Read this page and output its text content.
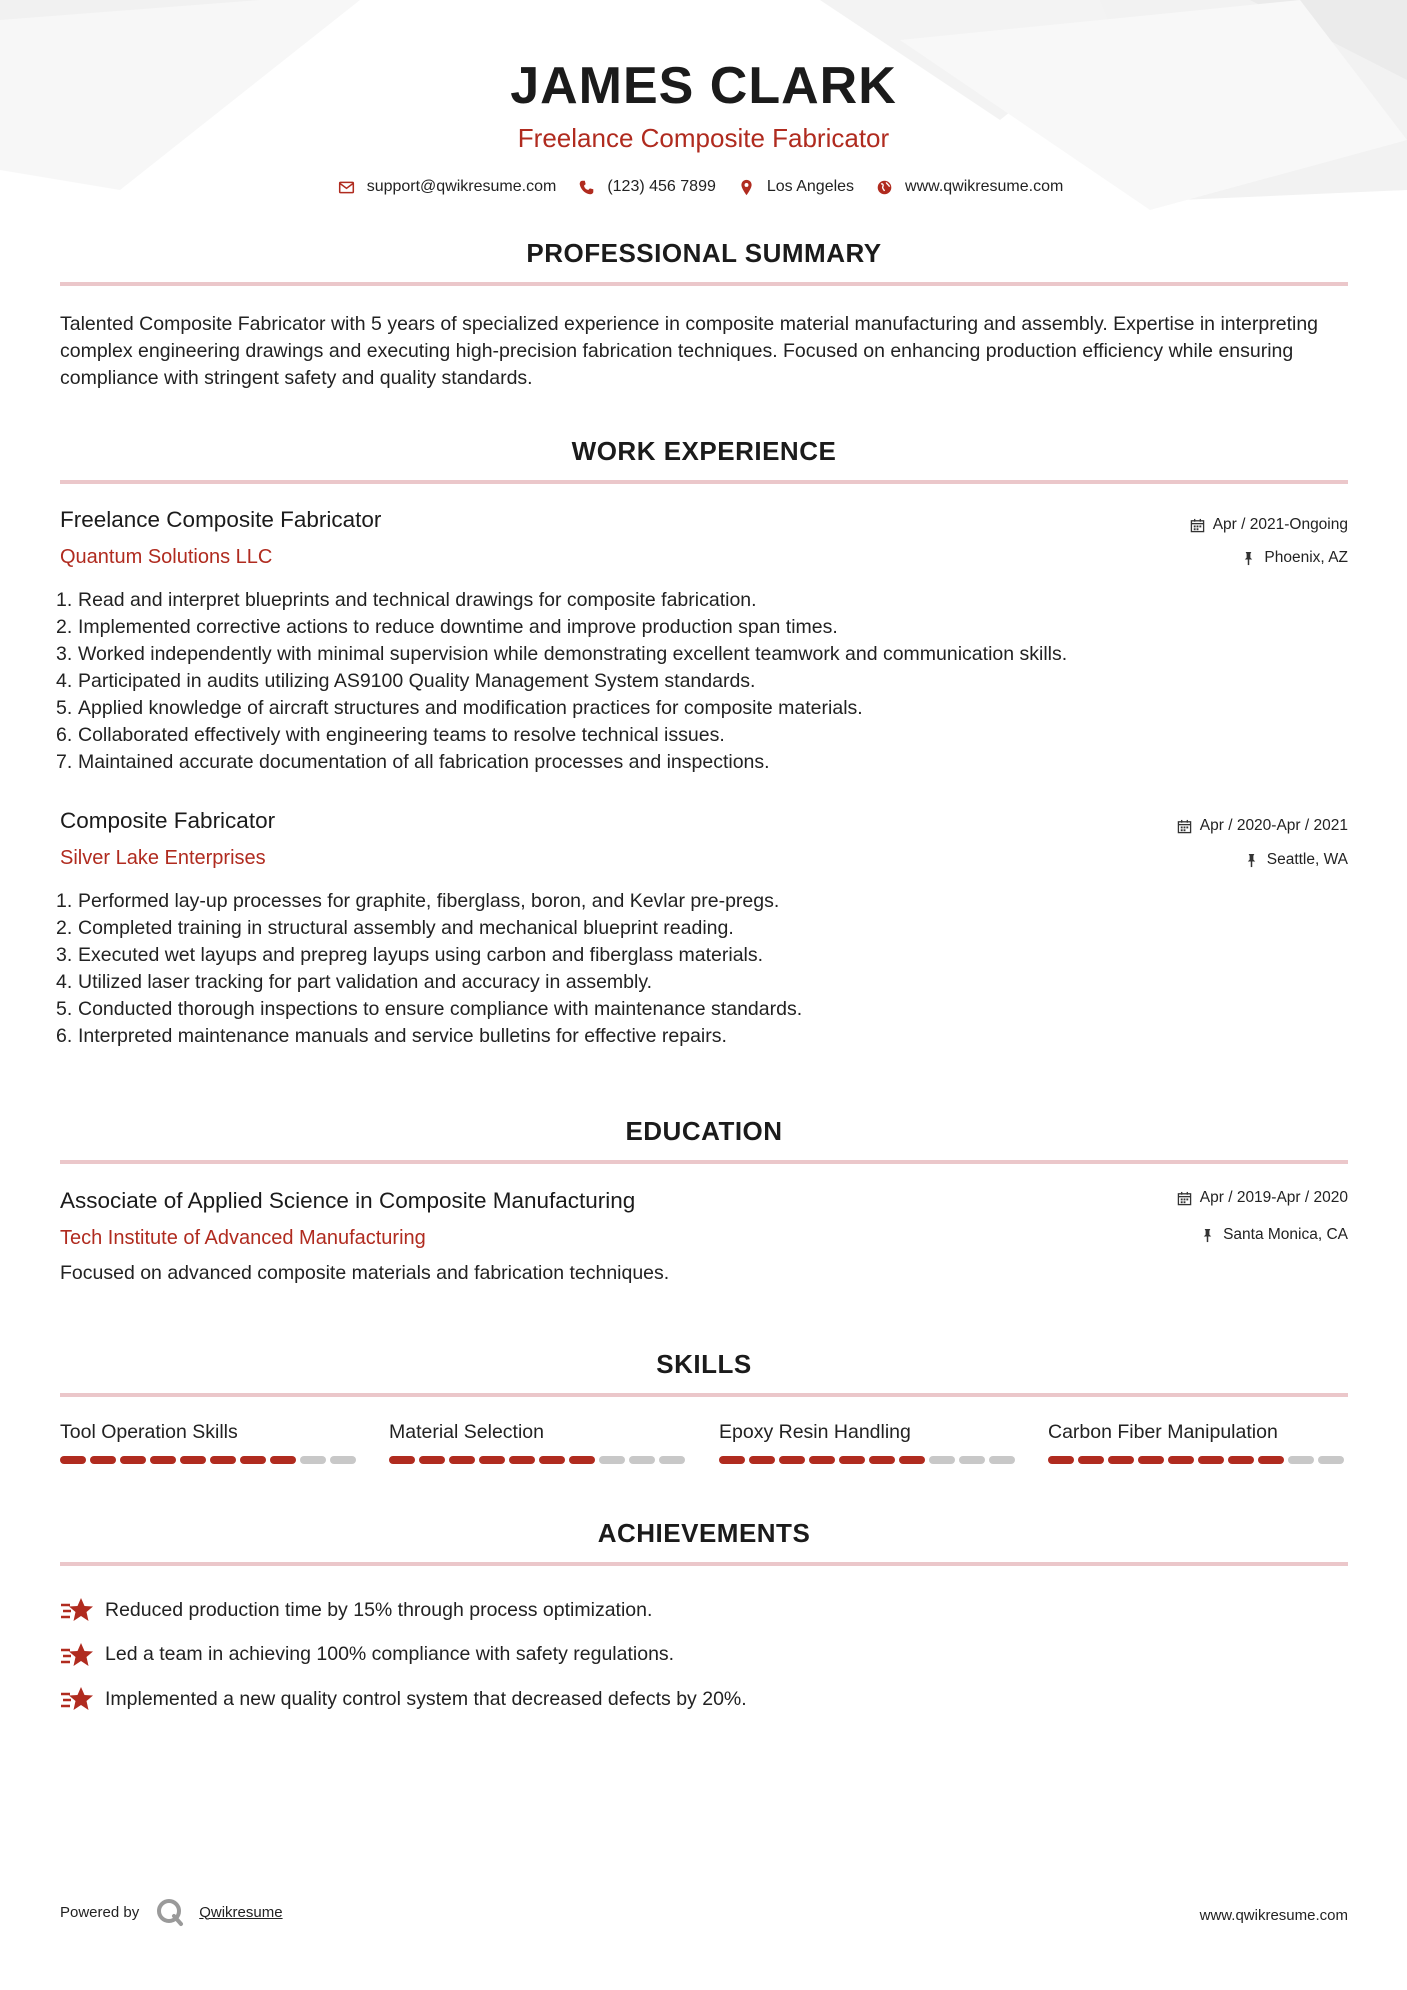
JAMES CLARK
Freelance Composite Fabricator
support@qwikresume.com	(123) 456 7899	Los Angeles	www.qwikresume.com
PROFESSIONAL SUMMARY
Talented Composite Fabricator with 5 years of specialized experience in composite material manufacturing and assembly. Expertise in interpreting complex engineering drawings and executing high-precision fabrication techniques. Focused on enhancing production efficiency while ensuring compliance with stringent safety and quality standards.
WORK EXPERIENCE
Freelance Composite Fabricator
Quantum Solutions LLC
Apr / 2021-Ongoing
Phoenix, AZ
1. Read and interpret blueprints and technical drawings for composite fabrication.
2. Implemented corrective actions to reduce downtime and improve production span times.
3. Worked independently with minimal supervision while demonstrating excellent teamwork and communication skills.
4. Participated in audits utilizing AS9100 Quality Management System standards.
5. Applied knowledge of aircraft structures and modification practices for composite materials.
6. Collaborated effectively with engineering teams to resolve technical issues.
7. Maintained accurate documentation of all fabrication processes and inspections.
Composite Fabricator
Silver Lake Enterprises
Apr / 2020-Apr / 2021
Seattle, WA
1. Performed lay-up processes for graphite, fiberglass, boron, and Kevlar pre-pregs.
2. Completed training in structural assembly and mechanical blueprint reading.
3. Executed wet layups and prepreg layups using carbon and fiberglass materials.
4. Utilized laser tracking for part validation and accuracy in assembly.
5. Conducted thorough inspections to ensure compliance with maintenance standards.
6. Interpreted maintenance manuals and service bulletins for effective repairs.
EDUCATION
Associate of Applied Science in Composite Manufacturing
Tech Institute of Advanced Manufacturing
Apr / 2019-Apr / 2020
Santa Monica, CA
Focused on advanced composite materials and fabrication techniques.
SKILLS
Tool Operation Skills	Material Selection	Epoxy Resin Handling	Carbon Fiber Manipulation
ACHIEVEMENTS
Reduced production time by 15% through process optimization.
Led a team in achieving 100% compliance with safety regulations.
Implemented a new quality control system that decreased defects by 20%.
Powered by	Qwikresume	www.qwikresume.com
